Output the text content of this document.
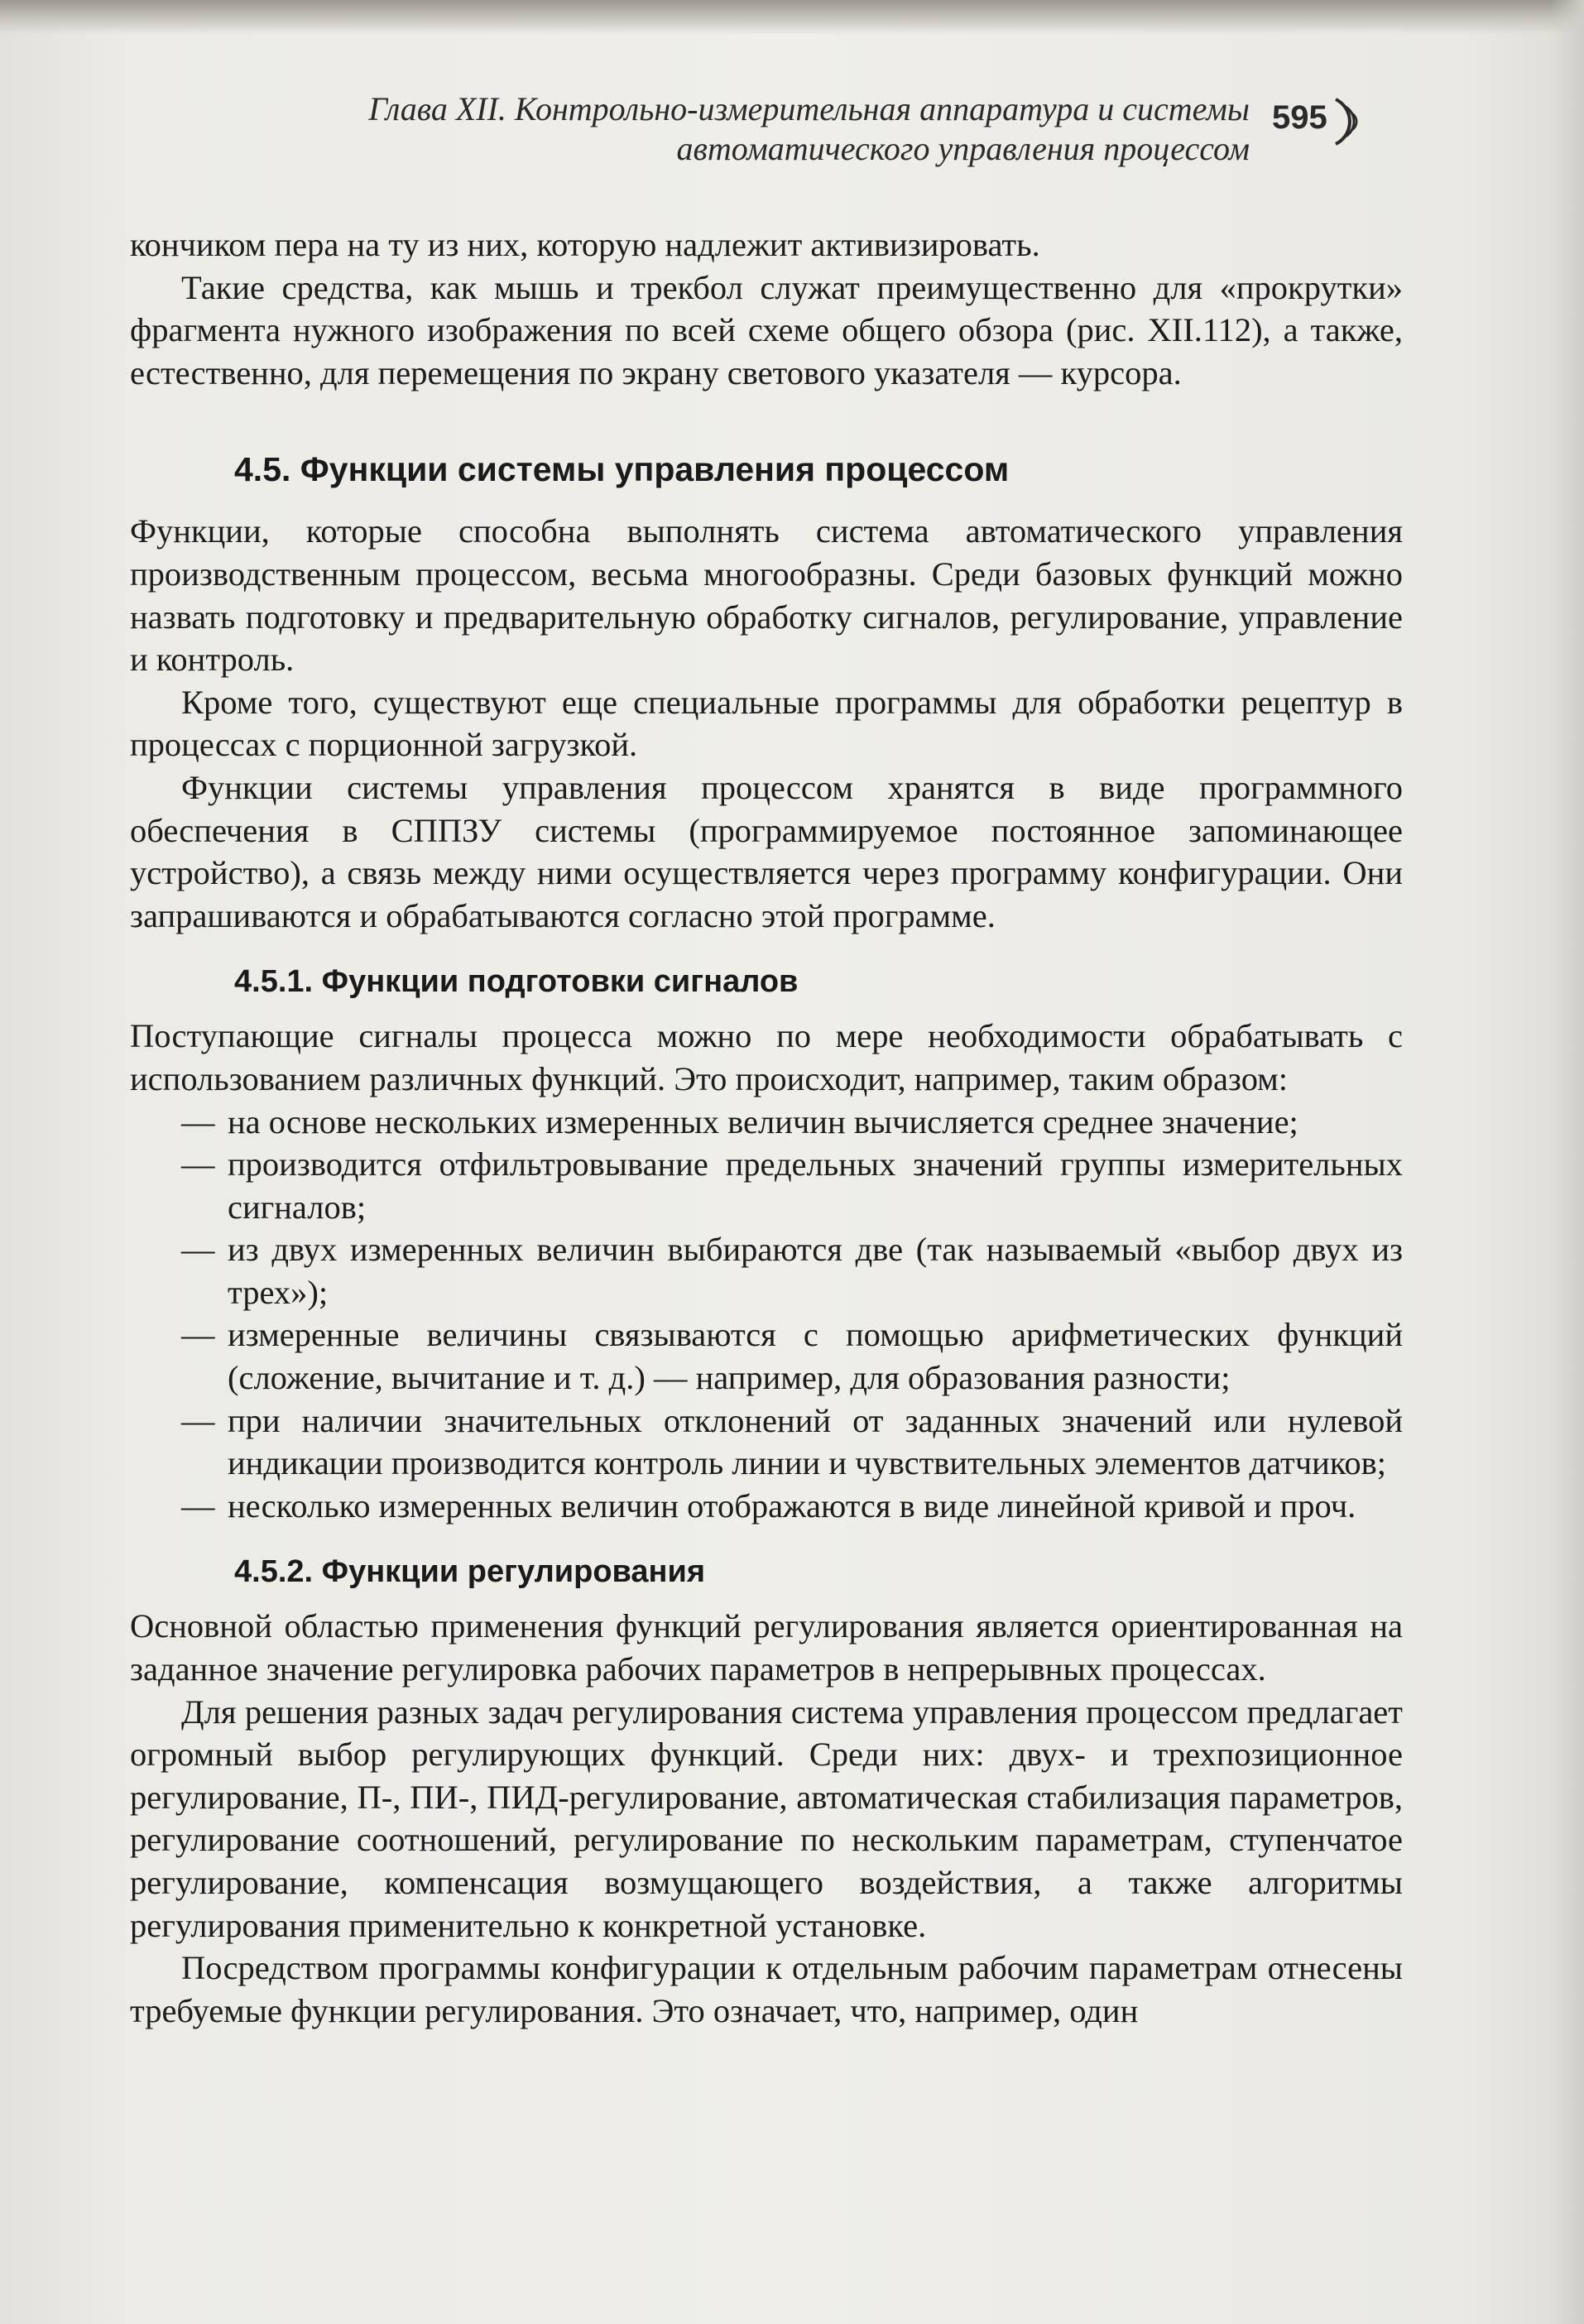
Глава XII. Контрольно-измерительная аппаратура и системы
автоматического управления процессом
595

кончиком пера на ту из них, которую надлежит активизировать.

Такие средства, как мышь и трекбол служат преимущественно для «прокрутки» фрагмента нужного изображения по всей схеме общего обзора (рис. XII.112), а также, естественно, для перемещения по экрану светового указателя — курсора.

4.5. Функции системы управления процессом

Функции, которые способна выполнять система автоматического управления производственным процессом, весьма многообразны. Среди базовых функций можно назвать подготовку и предварительную обработку сигналов, регулирование, управление и контроль.

Кроме того, существуют еще специальные программы для обработки рецептур в процессах с порционной загрузкой.

Функции системы управления процессом хранятся в виде программного обеспечения в СППЗУ системы (программируемое постоянное запоминающее устройство), а связь между ними осуществляется через программу конфигурации. Они запрашиваются и обрабатываются согласно этой программе.

4.5.1. Функции подготовки сигналов

Поступающие сигналы процесса можно по мере необходимости обрабатывать с использованием различных функций. Это происходит, например, таким образом:

— на основе нескольких измеренных величин вычисляется среднее значение;
— производится отфильтровывание предельных значений группы измерительных сигналов;
— из двух измеренных величин выбираются две (так называемый «выбор двух из трех»);
— измеренные величины связываются с помощью арифметических функций (сложение, вычитание и т. д.) — например, для образования разности;
— при наличии значительных отклонений от заданных значений или нулевой индикации производится контроль линии и чувствительных элементов датчиков;
— несколько измеренных величин отображаются в виде линейной кривой и проч.
4.5.2. Функции регулирования

Основной областью применения функций регулирования является ориентированная на заданное значение регулировка рабочих параметров в непрерывных процессах.

Для решения разных задач регулирования система управления процессом предлагает огромный выбор регулирующих функций. Среди них: двух- и трехпозиционное регулирование, П-, ПИ-, ПИД-регулирование, автоматическая стабилизация параметров, регулирование соотношений, регулирование по нескольким параметрам, ступенчатое регулирование, компенсация возмущающего воздействия, а также алгоритмы регулирования применительно к конкретной установке.

Посредством программы конфигурации к отдельным рабочим параметрам отнесены требуемые функции регулирования. Это означает, что, например, один
